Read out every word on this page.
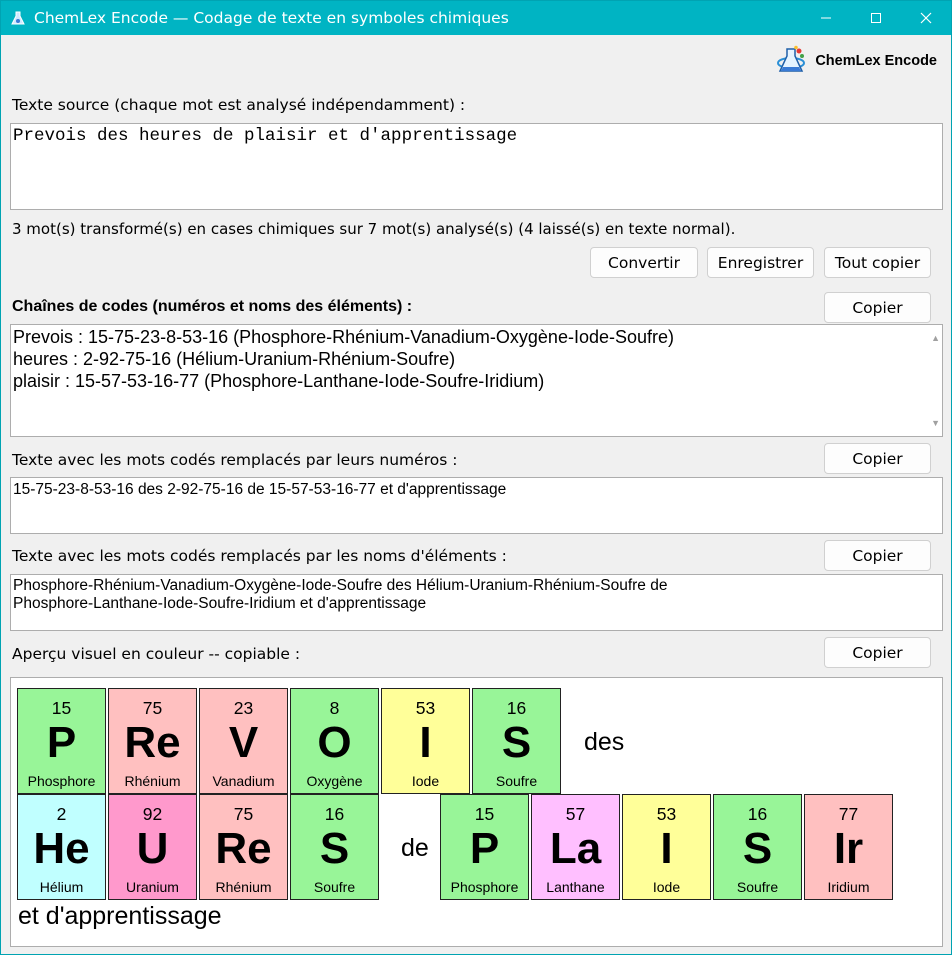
ChemLex Encode — Codage de texte en symboles chimiques
ChemLex Encode
Texte source (chaque mot est analysé indépendamment) :
Prevois des heures de plaisir et d'apprentissage
3 mot(s) transformé(s) en cases chimiques sur 7 mot(s) analysé(s) (4 laissé(s) en texte normal).
Convertir	Enregistrer	Tout copier
Chaînes de codes (numéros et noms des éléments) :	Copier
Prevois : 15-75-23-8-53-16 (Phosphore-Rhénium-Vanadium-Oxygène-Iode-Soufre)
heures : 2-92-75-16 (Hélium-Uranium-Rhénium-Soufre)
plaisir : 15-57-53-16-77 (Phosphore-Lanthane-Iode-Soufre-Iridium)
▲
▼
Texte avec les mots codés remplacés par leurs numéros :	Copier
15-75-23-8-53-16 des 2-92-75-16 de 15-57-53-16-77 et d'apprentissage
Texte avec les mots codés remplacés par les noms d'éléments :	Copier
Phosphore-Rhénium-Vanadium-Oxygène-Iode-Soufre des Hélium-Uranium-Rhénium-Soufre de
Phosphore-Lanthane-Iode-Soufre-Iridium et d'apprentissage
Aperçu visuel en couleur -- copiable :	Copier
des
de
et d'apprentissage
15
P
Phosphore
75
Re
Rhénium
23
V
Vanadium
8
O
Oxygène
53
I
Iode
16
S
Soufre
2
He
Hélium
92
U
Uranium
75
Re
Rhénium
16
S
Soufre
15
P
Phosphore
57
La
Lanthane
53
I
Iode
16
S
Soufre
77
Ir
Iridium
